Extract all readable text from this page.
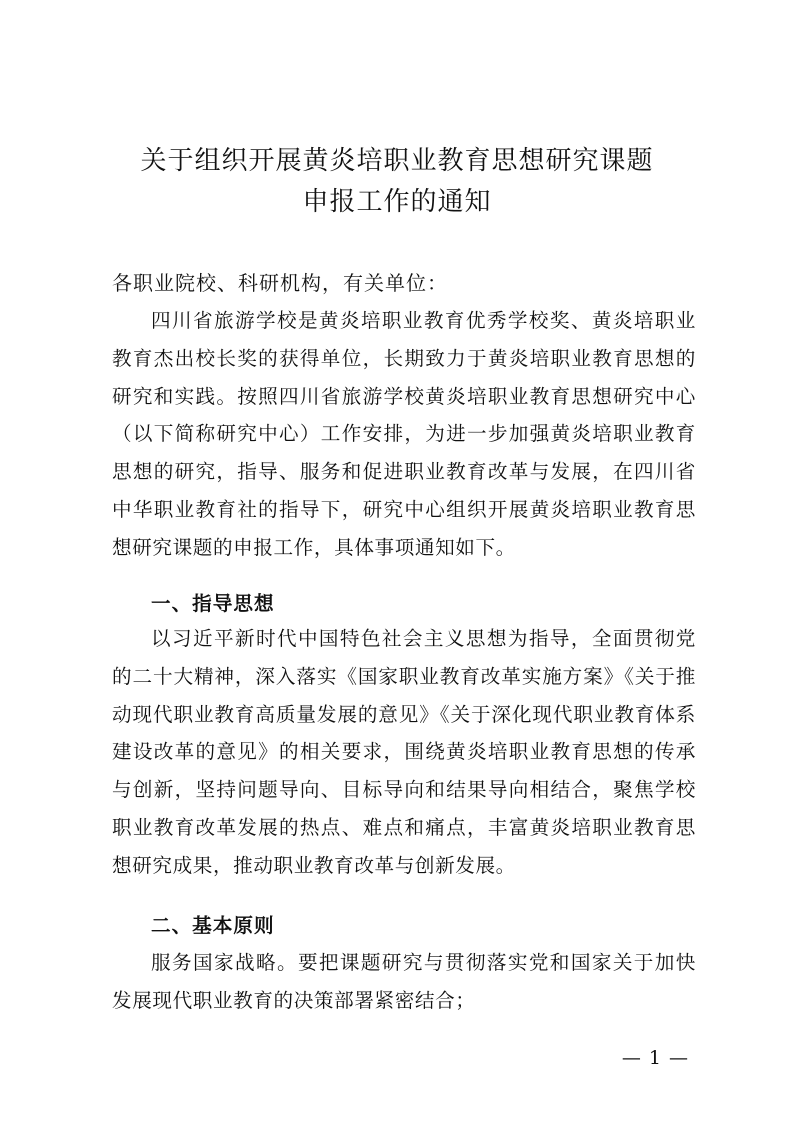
关于组织开展黄炎培职业教育思想研究课题
申报工作的通知

各职业院校、科研机构，有关单位：

四川省旅游学校是黄炎培职业教育优秀学校奖、黄炎培职业教育杰出校长奖的获得单位，长期致力于黄炎培职业教育思想的研究和实践。按照四川省旅游学校黄炎培职业教育思想研究中心（以下简称研究中心）工作安排，为进一步加强黄炎培职业教育思想的研究，指导、服务和促进职业教育改革与发展，在四川省中华职业教育社的指导下，研究中心组织开展黄炎培职业教育思想研究课题的申报工作，具体事项通知如下。

一、指导思想

以习近平新时代中国特色社会主义思想为指导，全面贯彻党的二十大精神，深入落实《国家职业教育改革实施方案》《关于推动现代职业教育高质量发展的意见》《关于深化现代职业教育体系建设改革的意见》的相关要求，围绕黄炎培职业教育思想的传承与创新，坚持问题导向、目标导向和结果导向相结合，聚焦学校职业教育改革发展的热点、难点和痛点，丰富黄炎培职业教育思想研究成果，推动职业教育改革与创新发展。

二、基本原则

服务国家战略。要把课题研究与贯彻落实党和国家关于加快发展现代职业教育的决策部署紧密结合；

— 1 —
